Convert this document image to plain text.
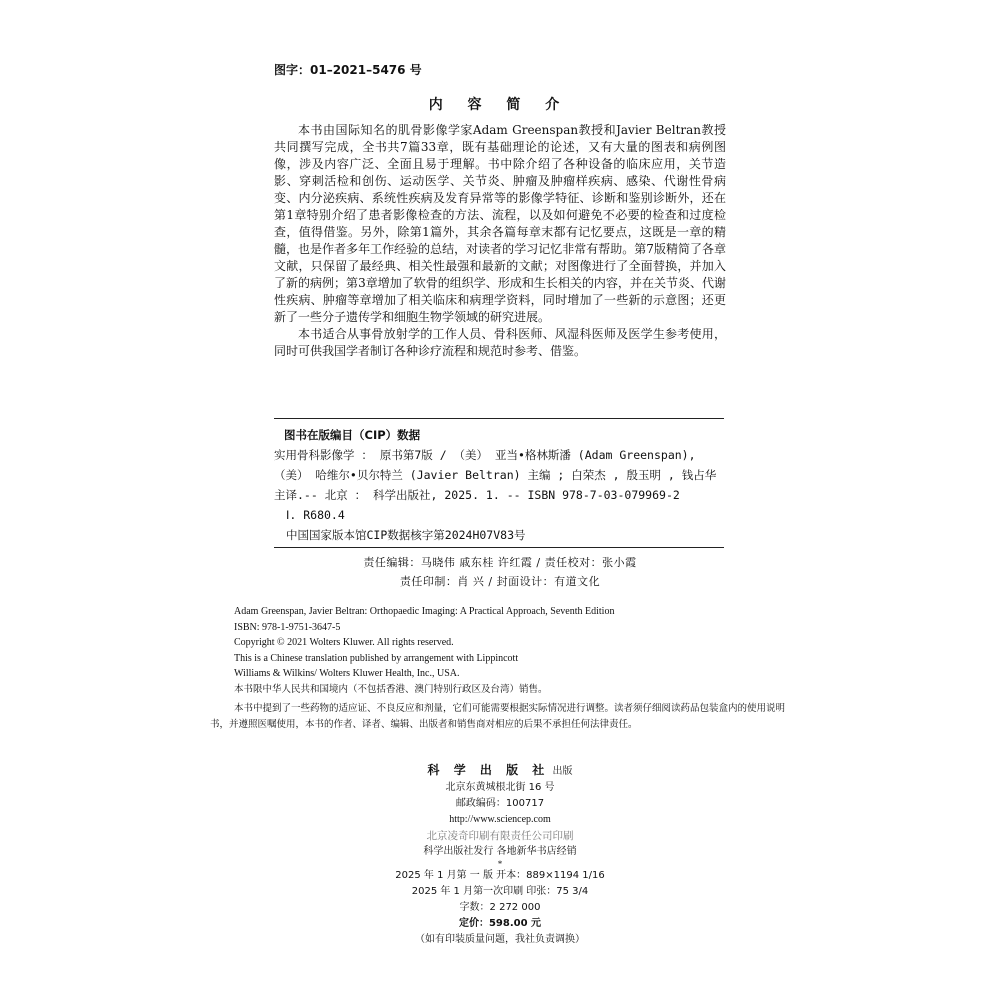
图字：01–2021–5476 号
内 容 简 介

本书由国际知名的肌骨影像学家Adam Greenspan教授和Javier Beltran教授共同撰写完成，全书共7篇33章，既有基础理论的论述，又有大量的图表和病例图像，涉及内容广泛、全面且易于理解。书中除介绍了各种设备的临床应用，关节造影、穿刺活检和创伤、运动医学、关节炎、肿瘤及肿瘤样疾病、感染、代谢性骨病变、内分泌疾病、系统性疾病及发育异常等的影像学特征、诊断和鉴别诊断外，还在第1章特别介绍了患者影像检查的方法、流程，以及如何避免不必要的检查和过度检查，值得借鉴。另外，除第1篇外，其余各篇每章末都有记忆要点，这既是一章的精髓，也是作者多年工作经验的总结，对读者的学习记忆非常有帮助。第7版精简了各章文献，只保留了最经典、相关性最强和最新的文献；对图像进行了全面替换，并加入了新的病例；第3章增加了软骨的组织学、形成和生长相关的内容，并在关节炎、代谢性疾病、肿瘤等章增加了相关临床和病理学资料，同时增加了一些新的示意图；还更新了一些分子遗传学和细胞生物学领域的研究进展。

本书适合从事骨放射学的工作人员、骨科医师、风湿科医师及医学生参考使用，同时可供我国学者制订各种诊疗流程和规范时参考、借鉴。

图书在版编目（CIP）数据
实用骨科影像学 ： 原书第7版 / （美） 亚当•格林斯潘 (Adam Greenspan),
（美） 哈维尔•贝尔特兰 (Javier Beltran) 主编 ; 白荣杰 , 殷玉明 , 钱占华
主译.-- 北京 ： 科学出版社, 2025. 1. -- ISBN 978-7-03-079969-2
Ⅰ. R680.4
中国国家版本馆CIP数据核字第2024H07V83号
责任编辑：马晓伟 戚东桂 许红霞 / 责任校对：张小霞
责任印制：肖 兴 / 封面设计：有道文化
Adam Greenspan, Javier Beltran: Orthopaedic Imaging: A Practical Approach, Seventh Edition
ISBN: 978-1-9751-3647-5
Copyright © 2021 Wolters Kluwer. All rights reserved.
This is a Chinese translation published by arrangement with Lippincott
Williams & Wilkins/ Wolters Kluwer Health, Inc., USA.
本书限中华人民共和国境内（不包括香港、澳门特别行政区及台湾）销售。

本书中提到了一些药物的适应证、不良反应和剂量，它们可能需要根据实际情况进行调整。读者须仔细阅读药品包装盒内的使用说明书，并遵照医嘱使用，本书的作者、译者、编辑、出版者和销售商对相应的后果不承担任何法律责任。

科 学 出 版 社 出版
北京东黄城根北街 16 号
邮政编码：100717
http://www.sciencep.com
北京凌奇印刷有限责任公司印刷
科学出版社发行 各地新华书店经销
*
2025 年 1 月第 一 版 开本：889×1194 1/16
2025 年 1 月第一次印刷 印张：75 3/4
字数：2 272 000
定价：598.00 元
（如有印装质量问题，我社负责调换）
